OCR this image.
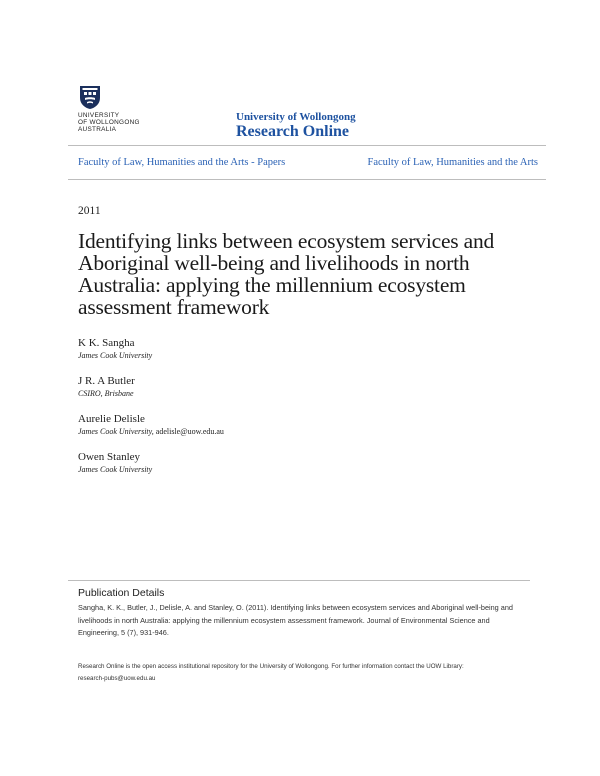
UNIVERSITY
OF WOLLONGONG
AUSTRALIA
University of Wollongong
Research Online
Faculty of Law, Humanities and the Arts - Papers	Faculty of Law, Humanities and the Arts
2011
Identifying links between ecosystem services and Aboriginal well-being and livelihoods in north Australia: applying the millennium ecosystem assessment framework
K K. Sangha
James Cook University
J R. A Butler
CSIRO, Brisbane
Aurelie Delisle
James Cook University, adelisle@uow.edu.au
Owen Stanley
James Cook University
Publication Details

Sangha, K. K., Butler, J., Delisle, A. and Stanley, O. (2011). Identifying links between ecosystem services and Aboriginal well-being and livelihoods in north Australia: applying the millennium ecosystem assessment framework. Journal of Environmental Science and Engineering, 5 (7), 931-946.

Research Online is the open access institutional repository for the University of Wollongong. For further information contact the UOW Library:
research-pubs@uow.edu.au
